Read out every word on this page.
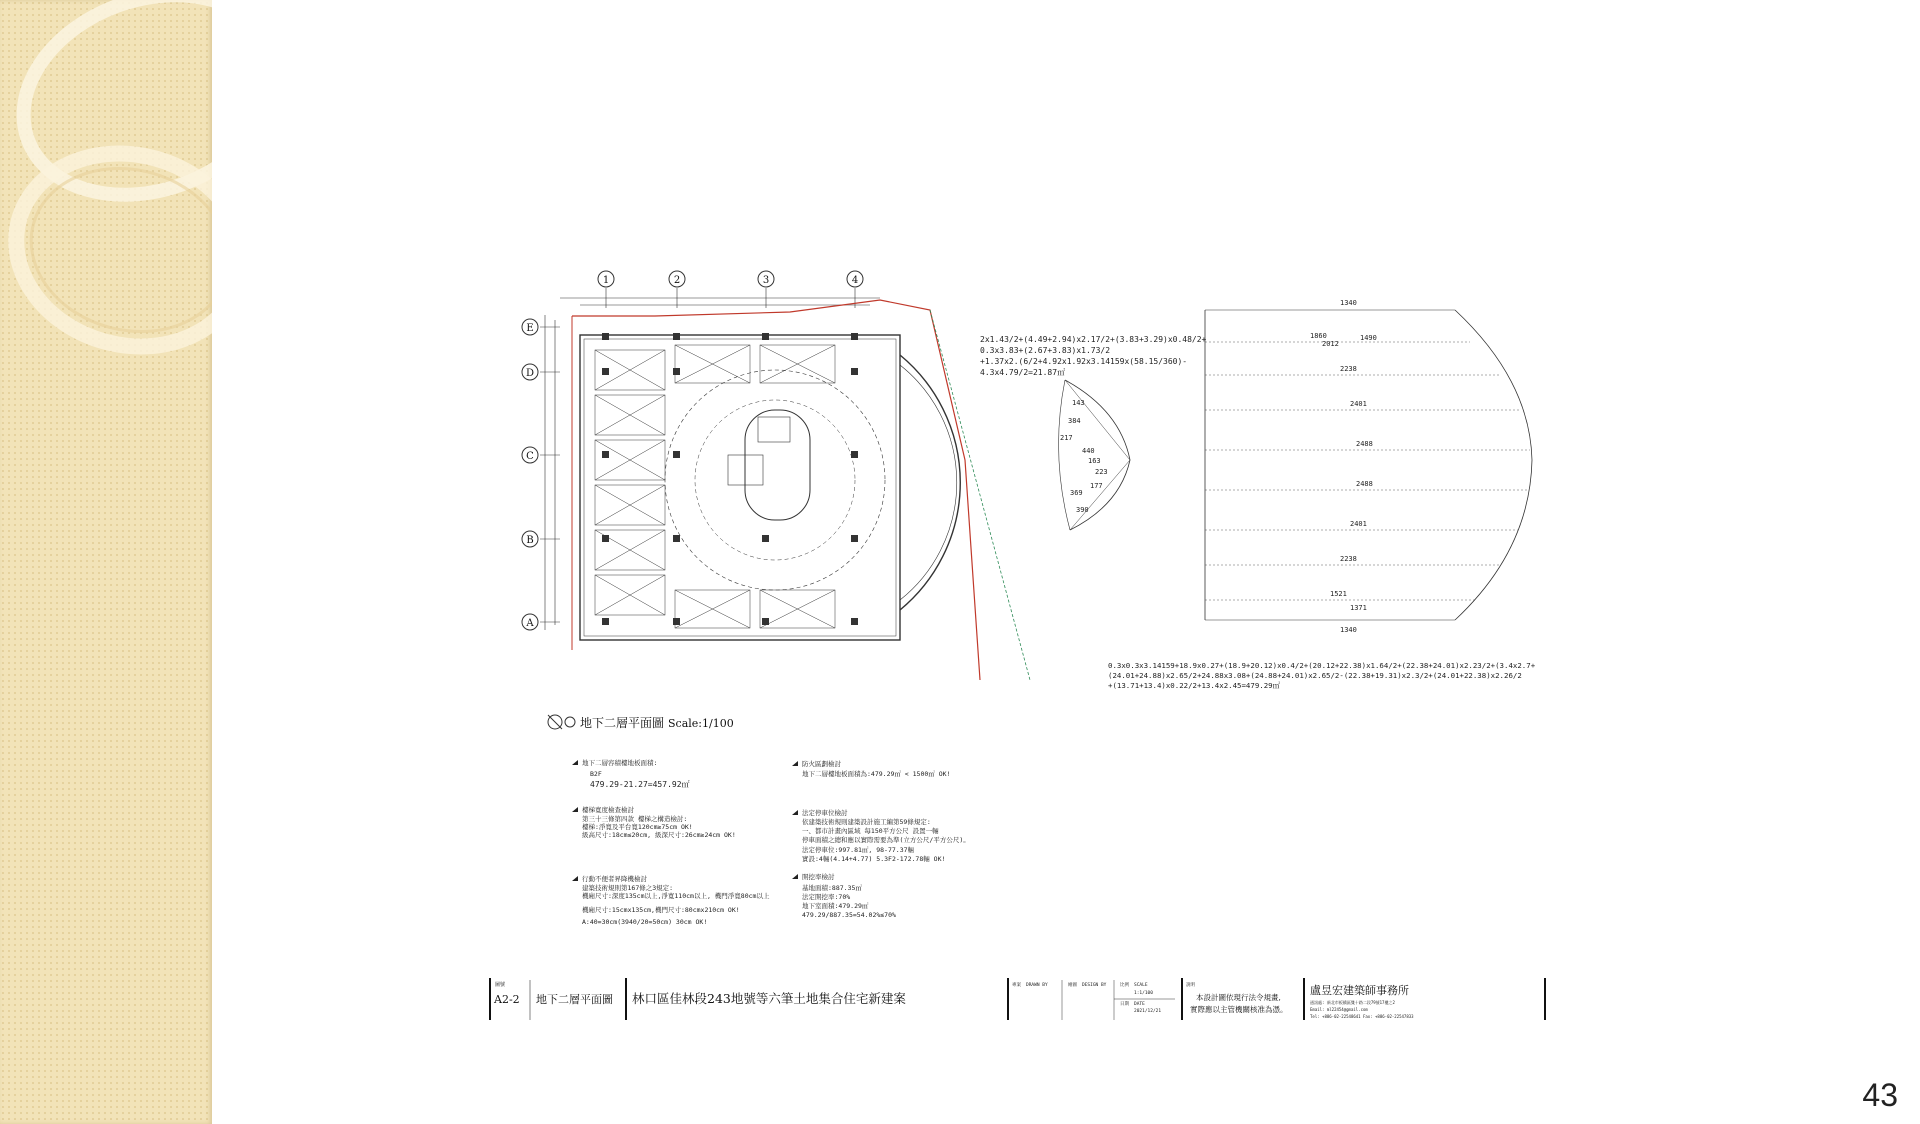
1	2	3	4
E
D
C
B
A
143
384
217
440
163
223
177
369
390
2x1.43/2+(4.49+2.94)x2.17/2+(3.83+3.29)x0.48/2+
0.3x3.83+(2.67+3.83)x1.73/2
+1.37x2.(6/2+4.92x1.92x3.14159x(58.15/360)-
4.3x4.79/2=21.87㎡
1340
1860
2012
1490
2238
2401
2488
2488
2401
2238
1521
1371
1340
0.3x0.3x3.14159+18.9x0.27+(18.9+20.12)x0.4/2+(20.12+22.38)x1.64/2+(22.38+24.01)x2.23/2+(3.4x2.7+
(24.01+24.88)x2.65/2+24.88x3.08+(24.88+24.01)x2.65/2-(22.38+19.31)x2.3/2+(24.01+22.38)x2.26/2
+(13.71+13.4)x0.22/2+13.4x2.45=479.29㎡
地下二層平面圖 Scale:1/100
地下二層容積樓地板面積:
B2F
479.29-21.27=457.92㎡
樓梯寬度檢查檢討
第三十三條第四款 樓梯之構造檢討:
樓梯:淨寬及平台寬120cm≥75cm OK!
級高尺寸:18cm≤20cm, 級深尺寸:26cm≥24cm OK!
行動不便者昇降機檢討
建築技術規則第167條之3規定:
機廂尺寸:深度135cm以上,淨寬110cm以上, 機門淨寬80cm以上
機廂尺寸:15cmx135cm,機門尺寸:80cmx210cm OK!
A:40=30cm(3940/20=50cm) 30cm OK!
防火區劃檢討
地下二層樓地板面積為:479.29㎡ < 1500㎡ OK!
法定停車位檢討
依建築技術規則建築設計施工編第59條規定:
一、都市計畫內區域 每150平方公尺 設置一輛
停車面積之總和應以實際需要為準(立方公尺/平方公尺)。
法定停車位:997.81㎡, 98-77.37輛
實設:4輛(4.14+4.77) 5.3F2-172.78輛 OK!
開挖率檢討
基地面積:887.35㎡
法定開挖率:70%
地下室面積:479.29㎡
479.29/887.35=54.02%≤70%
圖號
A2-2 地下二層平面圖 林口區佳林段243地號等六筆土地集合住宅新建案
專案 DRAWN BY	繪圖 DESIGN BY	比例 SCALE
1:1/100
日期 DATE
2021/12/21
說明
本設計圖依現行法令規畫,
實際應以主管機關核准為憑。
盧昱宏建築師事務所
通訊處: 新北市板橋區雙十路二段79號17樓之2
Email: ml22454@gmail.com
Tel: +886-02-22548641 Fax: +886-02-22547833
43
